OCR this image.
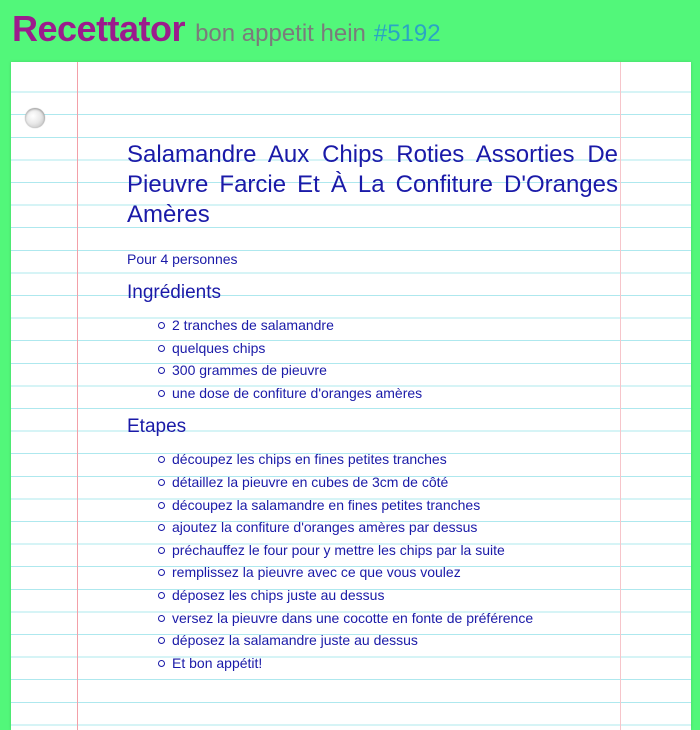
Recettator bon appetit hein #5192
Salamandre Aux Chips Roties Assorties De Pieuvre Farcie Et À La Confiture D'Oranges Amères
Pour 4 personnes
Ingrédients
2 tranches de salamandre
quelques chips
300 grammes de pieuvre
une dose de confiture d'oranges amères
Etapes
découpez les chips en fines petites tranches
détaillez la pieuvre en cubes de 3cm de côté
découpez la salamandre en fines petites tranches
ajoutez la confiture d'oranges amères par dessus
préchauffez le four pour y mettre les chips par la suite
remplissez la pieuvre avec ce que vous voulez
déposez les chips juste au dessus
versez la pieuvre dans une cocotte en fonte de préférence
déposez la salamandre juste au dessus
Et bon appétit!
